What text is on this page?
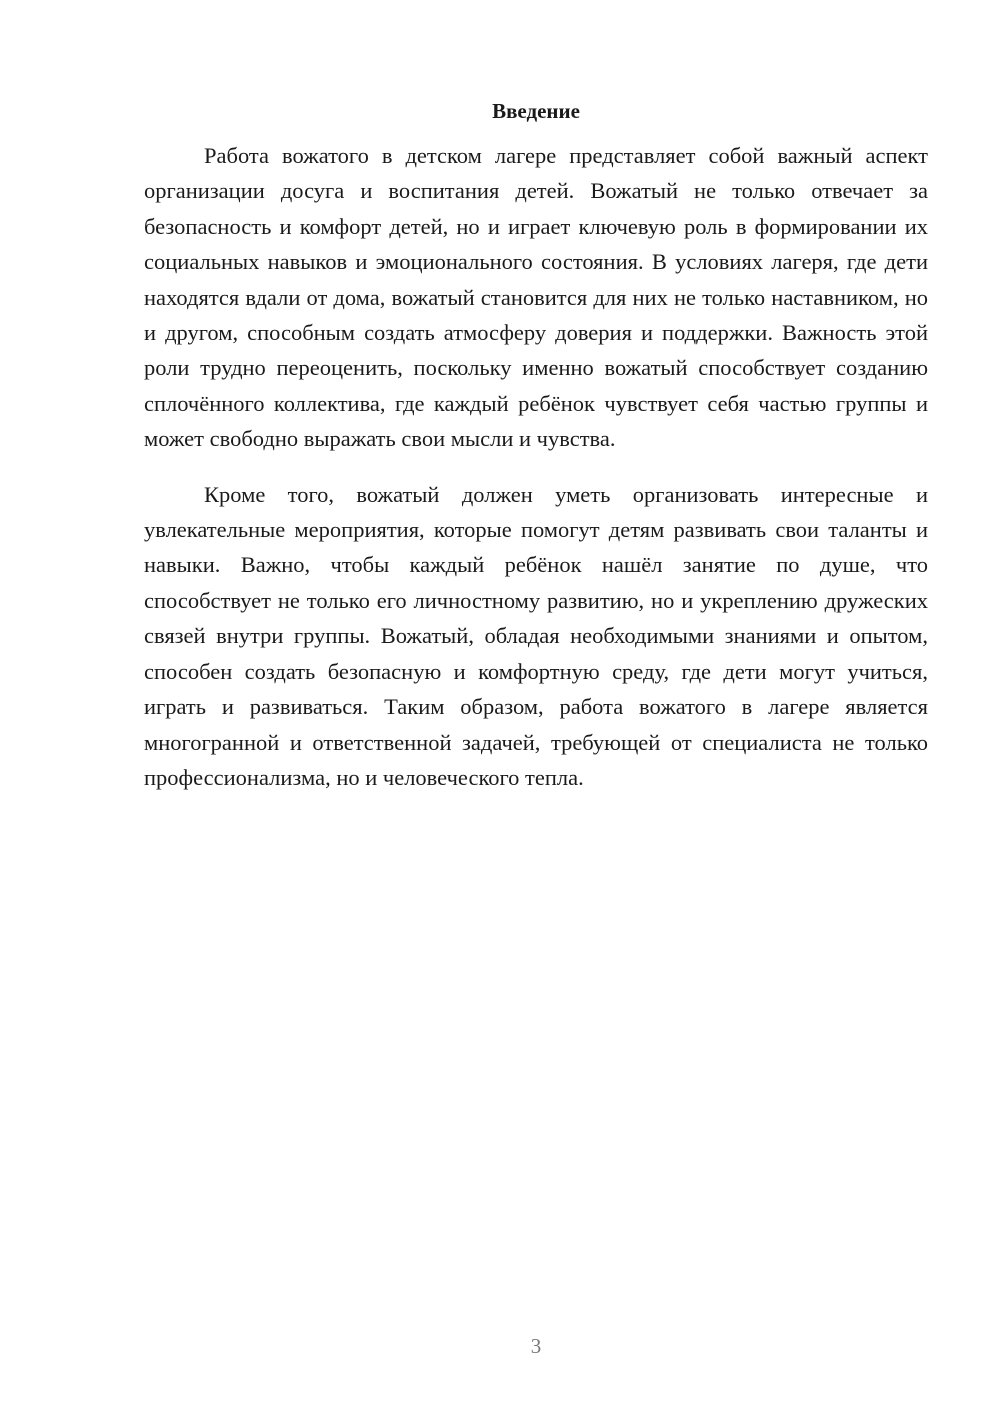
Введение

Работа вожатого в детском лагере представляет собой важный аспект организации досуга и воспитания детей. Вожатый не только отвечает за безопасность и комфорт детей, но и играет ключевую роль в формировании их социальных навыков и эмоционального состояния. В условиях лагеря, где дети находятся вдали от дома, вожатый становится для них не только наставником, но и другом, способным создать атмосферу доверия и поддержки. Важность этой роли трудно переоценить, поскольку именно вожатый способствует созданию сплочённого коллектива, где каждый ребёнок чувствует себя частью группы и может свободно выражать свои мысли и чувства.

Кроме того, вожатый должен уметь организовать интересные и увлекательные мероприятия, которые помогут детям развивать свои таланты и навыки. Важно, чтобы каждый ребёнок нашёл занятие по душе, что способствует не только его личностному развитию, но и укреплению дружеских связей внутри группы. Вожатый, обладая необходимыми знаниями и опытом, способен создать безопасную и комфортную среду, где дети могут учиться, играть и развиваться. Таким образом, работа вожатого в лагере является многогранной и ответственной задачей, требующей от специалиста не только профессионализма, но и человеческого тепла.

3
